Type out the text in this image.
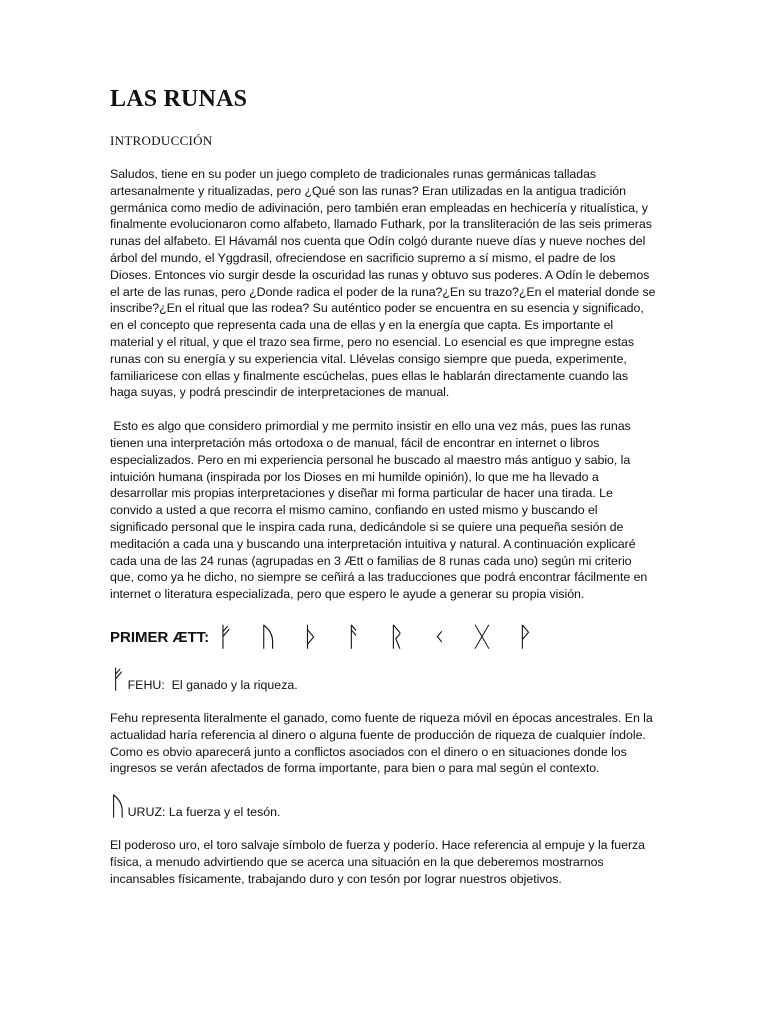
LAS RUNAS
INTRODUCCIÓN

Saludos, tiene en su poder un juego completo de tradicionales runas germánicas talladas artesanalmente y ritualizadas, pero ¿Qué son las runas? Eran utilizadas en la antigua tradición germánica como medio de adivinación, pero también eran empleadas en hechicería y ritualística, y finalmente evolucionaron como alfabeto, llamado Futhark, por la transliteración de las seis primeras runas del alfabeto. El Hávamál nos cuenta que Odín colgó durante nueve días y nueve noches del árbol del mundo, el Yggdrasil, ofreciendose en sacrificio supremo a sí mismo, el padre de los Dioses. Entonces vio surgir desde la oscuridad las runas y obtuvo sus poderes. A Odín le debemos el arte de las runas, pero ¿Donde radica el poder de la runa?¿En su trazo?¿En el material donde se inscribe?¿En el ritual que las rodea? Su auténtico poder se encuentra en su esencia y significado, en el concepto que representa cada una de ellas y en la energía que capta. Es importante el material y el ritual, y que el trazo sea firme, pero no esencial. Lo esencial es que impregne estas runas con su energía y su experiencia vital. Llévelas consigo siempre que pueda, experimente, familiaricese con ellas y finalmente escúchelas, pues ellas le hablarán directamente cuando las haga suyas, y podrá prescindir de interpretaciones de manual.

Esto es algo que considero primordial y me permito insistir en ello una vez más, pues las runas tienen una interpretación más ortodoxa o de manual, fácil de encontrar en internet o libros especializados. Pero en mi experiencia personal he buscado al maestro más antiguo y sabio, la intuición humana (inspirada por los Dioses en mi humilde opinión), lo que me ha llevado a desarrollar mis propias interpretaciones y diseñar mi forma particular de hacer una tirada. Le convido a usted a que recorra el mismo camino, confiando en usted mismo y buscando el significado personal que le inspira cada runa, dedicándole si se quiere una pequeña sesión de meditación a cada una y buscando una interpretación intuitiva y natural. A continuación explicaré cada una de las 24 runas (agrupadas en 3 Ætt o familias de 8 runas cada uno) según mi criterio que, como ya he dicho, no siempre se ceñirá a las traducciones que podrá encontrar fácilmente en internet o literatura especializada, pero que espero le ayude a generar su propia visión.

PRIMER ÆTT: ᚠ ᚢ ᚦ ᚨ ᚱ ᚲ ᚷ ᚹ
ᚠ FEHU:  El ganado y la riqueza.

Fehu representa literalmente el ganado, como fuente de riqueza móvil en épocas ancestrales. En la actualidad haría referencia al dinero o alguna fuente de producción de riqueza de cualquier índole. Como es obvio aparecerá junto a conflictos asociados con el dinero o en situaciones donde los ingresos se verán afectados de forma importante, para bien o para mal según el contexto.

ᚢ URUZ: La fuerza y el tesón.

El poderoso uro, el toro salvaje símbolo de fuerza y poderío. Hace referencia al empuje y la fuerza física, a menudo advirtiendo que se acerca una situación en la que deberemos mostrarnos incansables físicamente, trabajando duro y con tesón por lograr nuestros objetivos.
